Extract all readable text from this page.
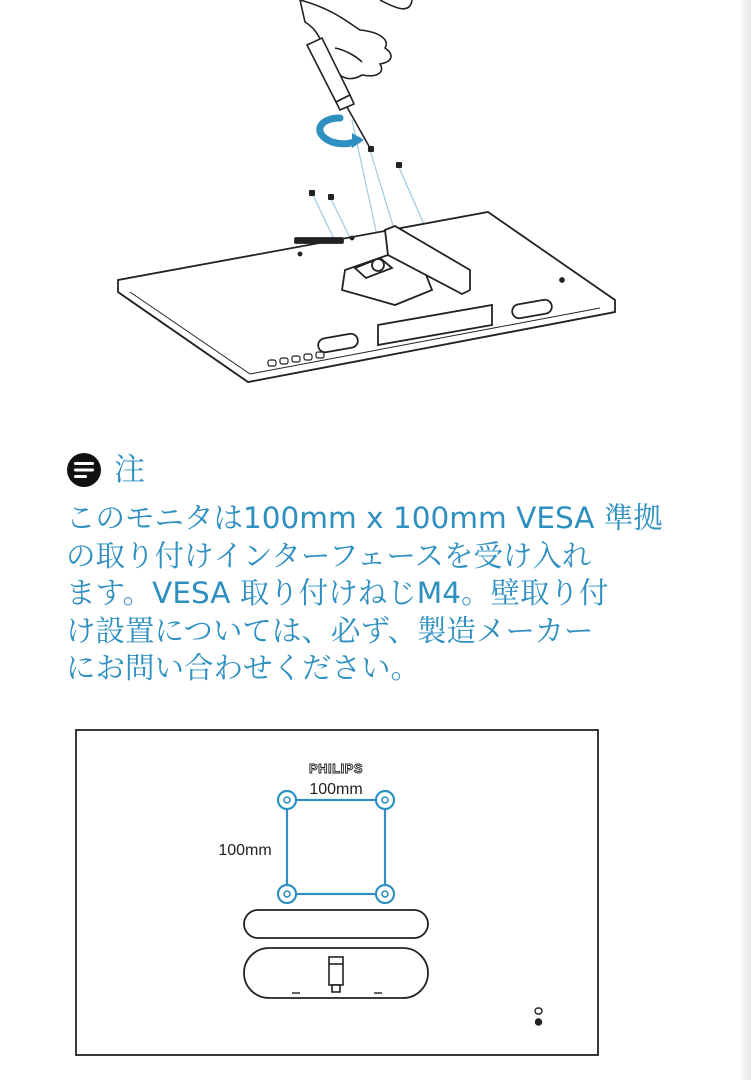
注

このモニタは100mm x 100mm VESA 準拠
の取り付けインターフェースを受け入れ
ます。VESA 取り付けねじM4。壁取り付
け設置については、必ず、製造メーカー
にお問い合わせください。

PHILIPS
100mm
100mm
